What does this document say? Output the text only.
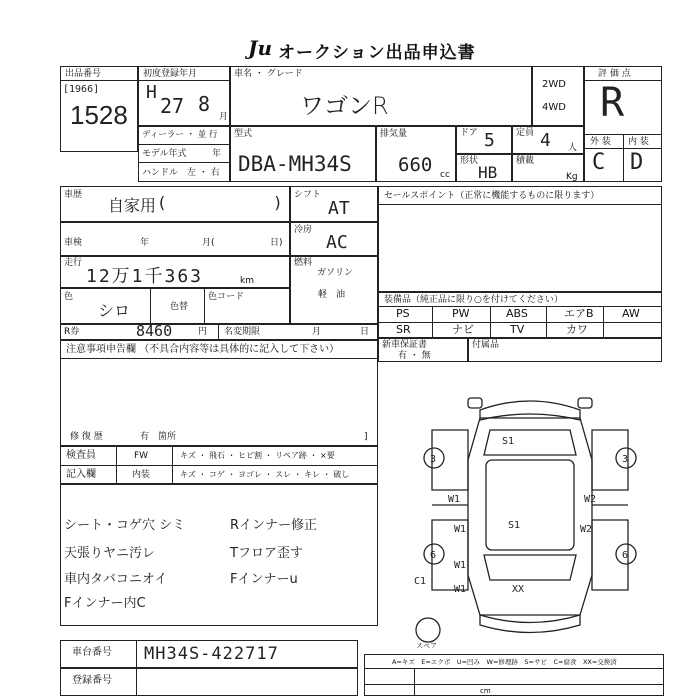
Ju オークション出品申込書
出品番号
[1966]
1528
初度登録年月
H
27 8
月
車名 ・ グレード
ワゴンR
2WD
4WD
評 価 点
R
外 装 内 装
C D
ディーラー ・ 並 行
モデル年式	年
ハンドル　左 ・ 右
型式
DBA-MH34S
排気量
660 cc
ドア 5 定員 4 人
形状
HB
積載
Kg
車歴	(
自家用	) シフト
AT
セールスポイント（正常に機能するものに限ります）
車検	年	月(	日)
冷房
AC
走行
12万1千363	km
燃料
ガソリン
軽　油
色
シロ	色替
色コード	装備品（純正品に限り○を付けてください）
PS	PW	ABS	エアB	AW
SR	ナビ	TV	カワ
R券	8460	円 名変期限	月	日
新車保証書
有 ・ 無
付属品
注意事項申告欄 （不具合内容等は具体的に記入して下さい）
修 復 歴	有　箇所	]
検査員
記入欄
FW
内装
キズ ・ 飛石 ・ ヒビ割 ・ リペア跡 ・ ×要
キズ ・ コゲ ・ ヨゴレ ・ スレ ・ キレ ・ 破し
シート・コゲ穴 シミ
天張りヤニ汚レ
車内タバコニオイ
Fインナー内C
Rインナー修正
Tフロア歪す
Fインナーu
S1
S1
W1	W2
W1	W2
W1
W1	XX
C1
3	3
6	6
スペア
車台番号 MH34S-422717
登録番号
A=キズ　E=エクボ　U=凹み　W=修理跡　S=サビ　C=腐食　XX=交換済
cm
